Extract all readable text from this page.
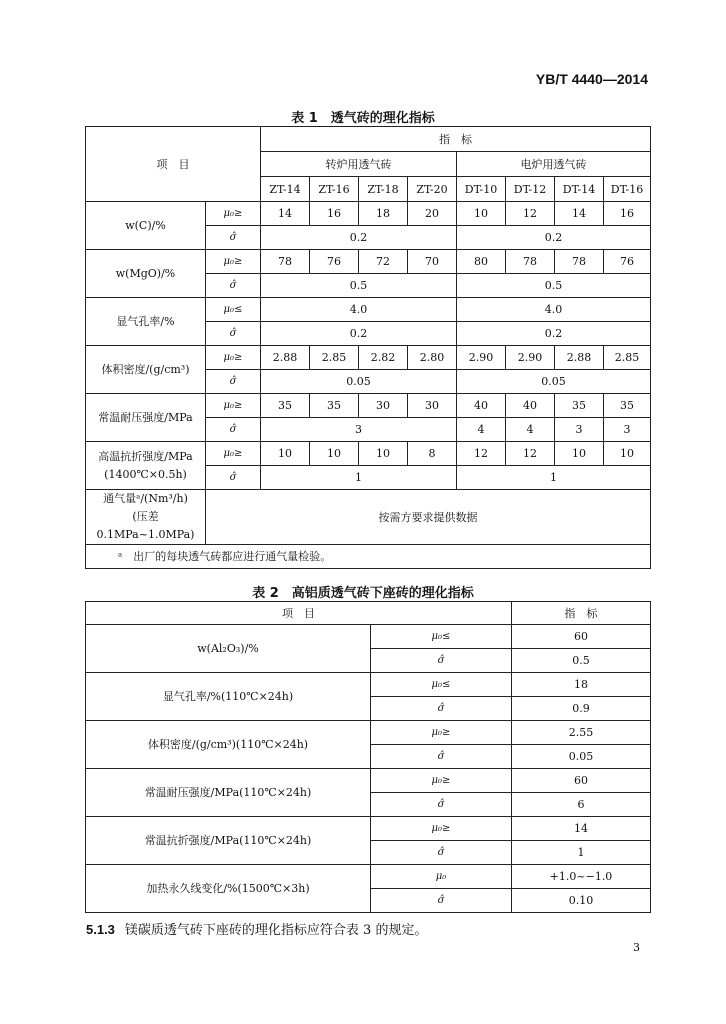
YB/T 4440—2014
表 1　透气砖的理化指标
项　目		指　标							
		转炉用透气砖				电炉用透气砖			
		ZT-14	ZT-16	ZT-18	ZT-20	DT-10	DT-12	DT-14	DT-16
w(C)/%	μ₀≥	14	16	18	20	10	12	14	16
	σ̂	0.2				0.2			
w(MgO)/%	μ₀≥	78	76	72	70	80	78	78	76
	σ̂	0.5				0.5			
显气孔率/%	μ₀≤	4.0				4.0			
	σ̂	0.2				0.2			
体积密度/(g/cm³)	μ₀≥	2.88	2.85	2.82	2.80	2.90	2.90	2.88	2.85
	σ̂	0.05				0.05			
常温耐压强度/MPa	μ₀≥	35	35	30	30	40	40	35	35
	σ̂	3				4	4	3	3

高温抗折强度/MPa
(1400℃×0.5h)	μ₀≥	10	10	10	8	12	12	10	10
	σ̂	1				1			

通气量ᵃ/(Nm³/h)
(压差 0.1MPa~1.0MPa)	按需方要求提供数据								
ᵃ　出厂的每块透气砖都应进行通气量检验。									
表 2　高铝质透气砖下座砖的理化指标
项　目		指　标
w(Al₂O₃)/%	μ₀≤	60
	σ̂	0.5
显气孔率/%(110℃×24h)	μ₀≤	18
	σ̂	0.9
体积密度/(g/cm³)(110℃×24h)	μ₀≥	2.55
	σ̂	0.05
常温耐压强度/MPa(110℃×24h)	μ₀≥	60
	σ̂	6
常温抗折强度/MPa(110℃×24h)	μ₀≥	14
	σ̂	1
加热永久线变化/%(1500℃×3h)	μ₀	+1.0~−1.0
	σ̂	0.10
5.1.3 镁碳质透气砖下座砖的理化指标应符合表 3 的规定。
3
